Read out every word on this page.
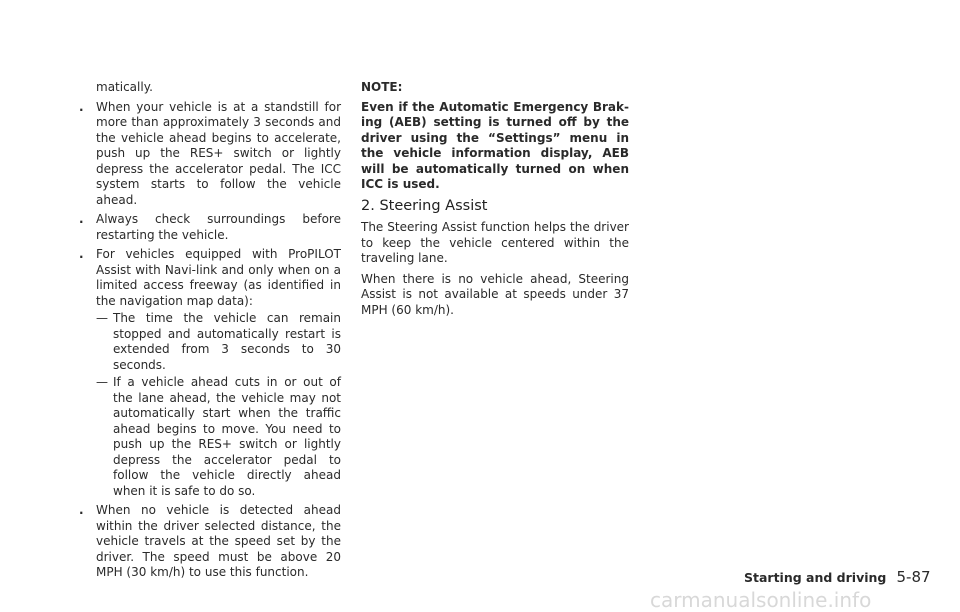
matically.

. When your vehicle is at a standstill for more than approximately 3 seconds and the vehicle ahead begins to accelerate, push up the RES+ switch or lightly depress the accelerator pedal. The ICC system starts to follow the vehicle ahead.

. Always check surroundings before restarting the vehicle.

. For vehicles equipped with ProPILOT Assist with Navi-link and only when on a limited access freeway (as identified in the navigation map data):

— The time the vehicle can remain stopped and automatically restart is extended from 3 seconds to 30 seconds.

— If a vehicle ahead cuts in or out of the lane ahead, the vehicle may not automatically start when the traffic ahead begins to move. You need to push up the RES+ switch or lightly depress the accelerator pedal to follow the vehicle directly ahead when it is safe to do so.

. When no vehicle is detected ahead within the driver selected distance, the vehicle travels at the speed set by the driver. The speed must be above 20 MPH (30 km/h) to use this function.

NOTE:

Even if the Automatic Emergency Braking (AEB) setting is turned off by the driver using the “Settings” menu in the vehicle information display, AEB will be automatically turned on when ICC is used.

2. Steering Assist

The Steering Assist function helps the driver to keep the vehicle centered within the traveling lane.

When there is no vehicle ahead, Steering Assist is not available at speeds under 37 MPH (60 km/h).

Starting and driving 5-87
carmanualsonline.info
